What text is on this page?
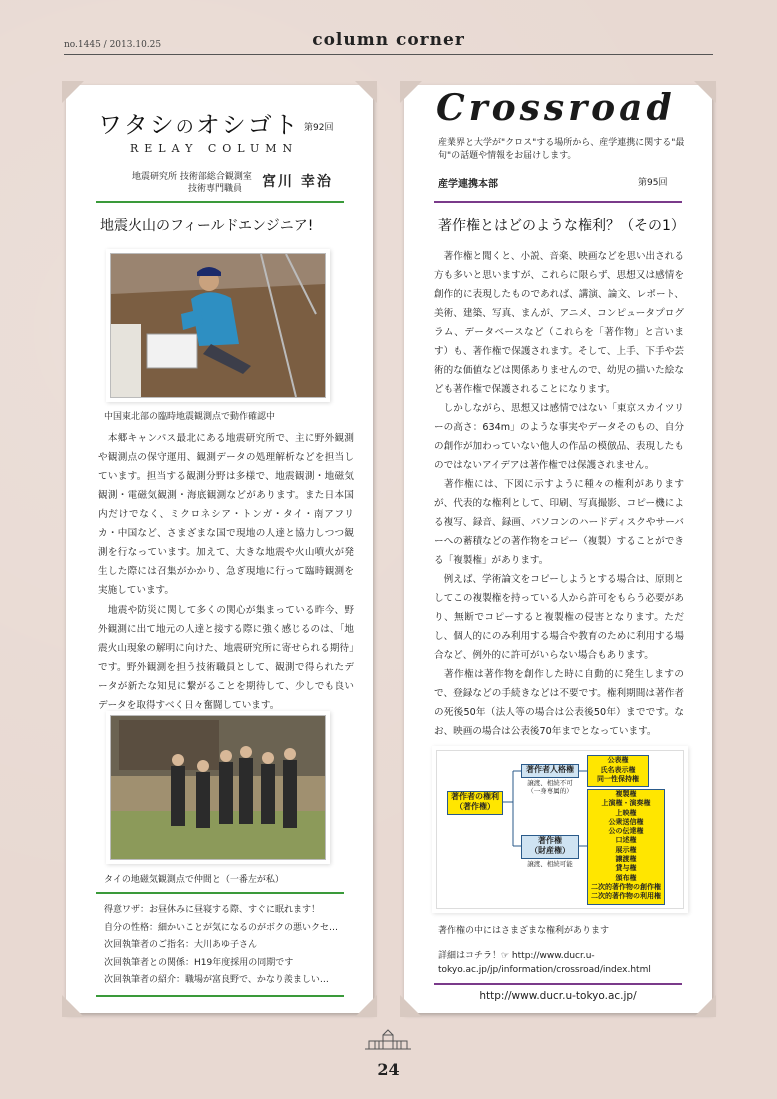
no.1445 / 2013.10.25	column corner
ワタシのオシゴト 第92回
RELAY COLUMN
地震研究所 技術部総合観測室
技術専門職員 宮川 幸治
地震火山のフィールドエンジニア!
中国東北部の臨時地震観測点で動作確認中
　本郷キャンパス最北にある地震研究所で、主に野外観測や観測点の保守運用、観測データの処理解析などを担当しています。担当する観測分野は多様で、地震観測・地磁気観測・電磁気観測・海底観測などがあります。また日本国内だけでなく、ミクロネシア・トンガ・タイ・南アフリカ・中国など、さまざまな国で現地の人達と協力しつつ観測を行なっています。加えて、大きな地震や火山噴火が発生した際には召集がかかり、急ぎ現地に行って臨時観測を実施しています。
　地震や防災に関して多くの関心が集まっている昨今、野外観測に出て地元の人達と接する際に強く感じるのは、「地震火山現象の解明に向けた、地震研究所に寄せられる期待」です。野外観測を担う技術職員として、観測で得られたデータが新たな知見に繋がることを期待して、少しでも良いデータを取得すべく日々奮闘しています。
タイの地磁気観測点で仲間と（一番左が私）
得意ワザ：お昼休みに昼寝する際、すぐに眠れます！
自分の性格：細かいことが気になるのがボクの悪いクセ…
次回執筆者のご指名：大川あゆ子さん
次回執筆者との関係：H19年度採用の同期です
次回執筆者の紹介：職場が富良野で、かなり羨ましい…
Crossroad
産業界と大学が"クロス"する場所から、産学連携に関する"最旬"の話題や情報をお届けします。
産学連携本部	第95回
著作権とはどのような権利？（その1）
　著作権と聞くと、小説、音楽、映画などを思い出される方も多いと思いますが、これらに限らず、思想又は感情を創作的に表現したものであれば、講演、論文、レポート、美術、建築、写真、まんが、アニメ、コンピュータプログラム、データベースなど（これらを「著作物」と言います）も、著作権で保護されます。そして、上手、下手や芸術的な価値などは関係ありませんので、幼児の描いた絵なども著作権で保護されることになります。
　しかしながら、思想又は感情ではない「東京スカイツリーの高さ：634m」のような事実やデータそのもの、自分の創作が加わっていない他人の作品の模倣品、表現したものではないアイデアは著作権では保護されません。
　著作権には、下図に示すように種々の権利がありますが、代表的な権利として、印刷、写真撮影、コピー機による複写、録音、録画、パソコンのハードディスクやサーバーへの蓄積などの著作物をコピー（複製）することができる「複製権」があります。
　例えば、学術論文をコピーしようとする場合は、原則としてこの複製権を持っている人から許可をもらう必要があり、無断でコピーすると複製権の侵害となります。ただし、個人的にのみ利用する場合や教育のために利用する場合など、例外的に許可がいらない場合もあります。
　著作権は著作物を創作した時に自動的に発生しますので、登録などの手続きなどは不要です。権利期間は著作者の死後50年（法人等の場合は公表後50年）までです。なお、映画の場合は公表後70年までとなっています。
著作者の権利
（著作権）
著作者人格権
譲渡、相続不可
（一身専属的）
公表権
氏名表示権
同一性保持権
著作権
（財産権）
譲渡、相続可能
複製権
上演権・演奏権
上映権
公衆送信権
公の伝達権
口述権
展示権
譲渡権
貸与権
頒布権
二次的著作物の創作権
二次的著作物の利用権
著作権の中にはさまざまな権利があります
詳細はコチラ！☞ http://www.ducr.u-tokyo.ac.jp/jp/information/crossroad/index.html
http://www.ducr.u-tokyo.ac.jp/
24
